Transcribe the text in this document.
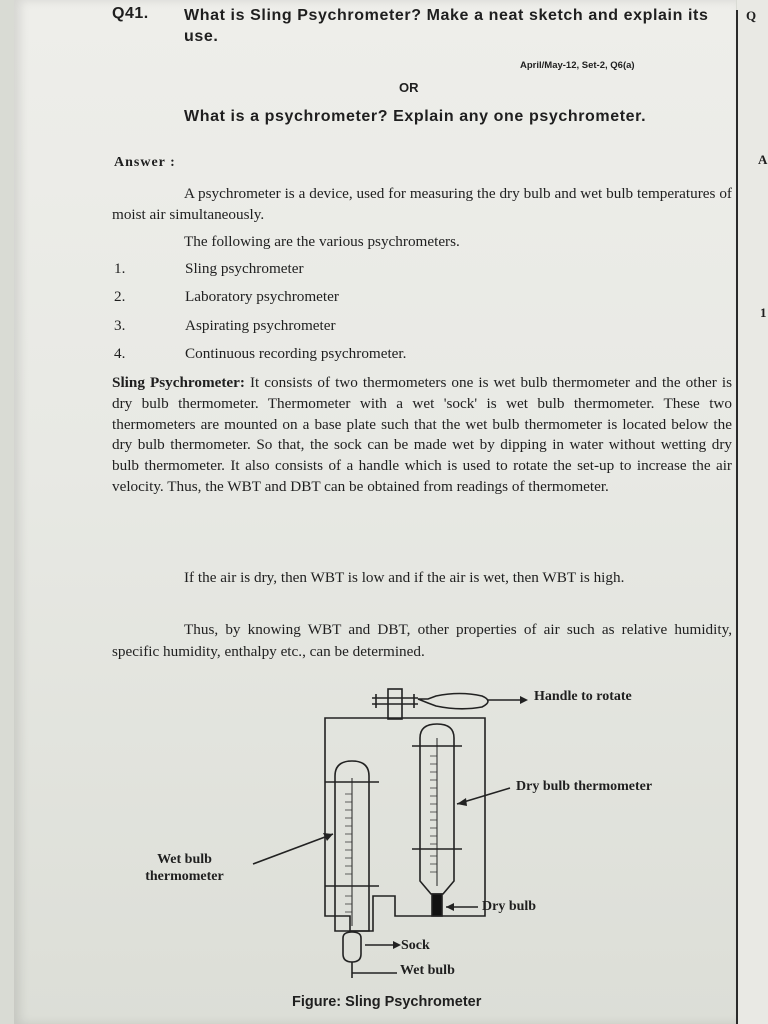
Q41. What is Sling Psychrometer? Make a neat sketch and explain its use.
April/May-12, Set-2, Q6(a)
OR
What is a psychrometer? Explain any one psychrometer.
Answer :
A psychrometer is a device, used for measuring the dry bulb and wet bulb temperatures of moist air simultaneously.
The following are the various psychrometers.
1.	Sling psychrometer
2.	Laboratory psychrometer
3.	Aspirating psychrometer
4.	Continuous recording psychrometer.
Sling Psychrometer: It consists of two thermometers one is wet bulb thermometer and the other is dry bulb thermometer. Thermometer with a wet 'sock' is wet bulb thermometer. These two thermometers are mounted on a base plate such that the wet bulb thermometer is located below the dry bulb thermometer. So that, the sock can be made wet by dipping in water without wetting dry bulb thermometer. It also consists of a handle which is used to rotate the set-up to increase the air velocity. Thus, the WBT and DBT can be obtained from readings of thermometer.
If the air is dry, then WBT is low and if the air is wet, then WBT is high.
Thus, by knowing WBT and DBT, other properties of air such as relative humidity, specific humidity, enthalpy etc., can be determined.
Handle to rotate
Dry bulb thermometer
Wet bulb thermometer
Dry bulb
Sock
Wet bulb
Figure: Sling Psychrometer
Q
A
1
